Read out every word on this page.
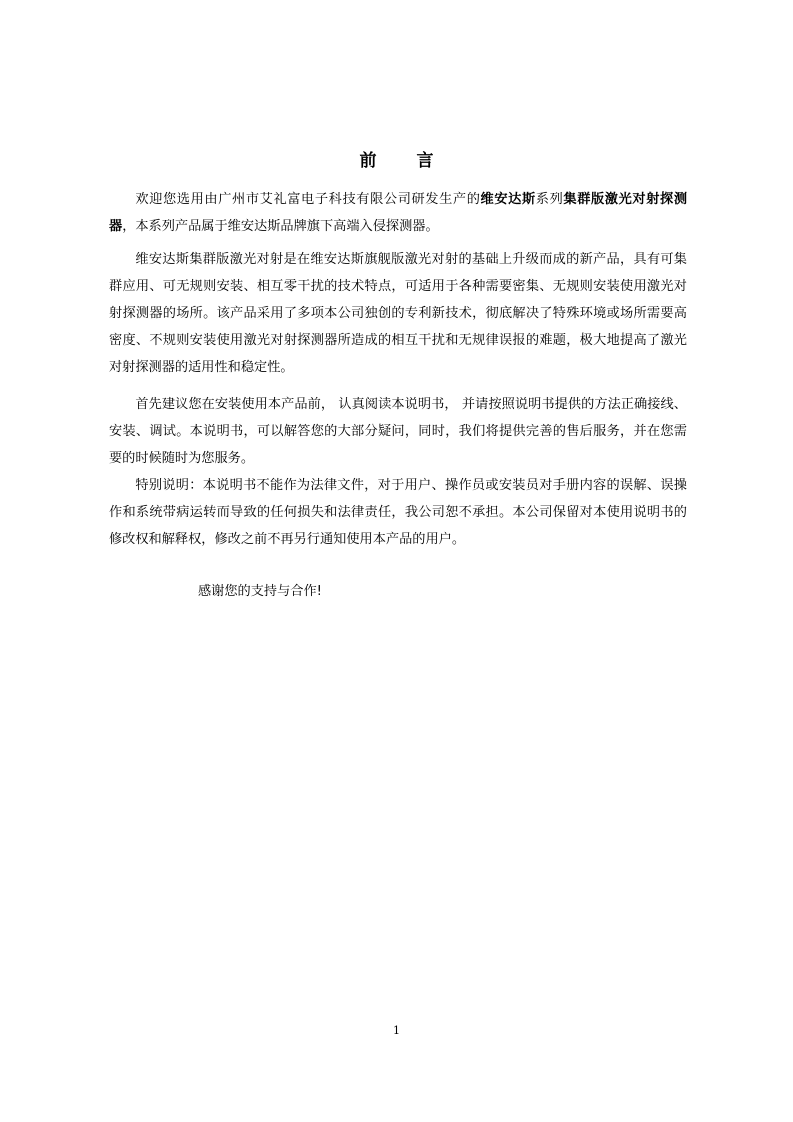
前 言

欢迎您选用由广州市艾礼富电子科技有限公司研发生产的维安达斯系列集群版激光对射探测器，本系列产品属于维安达斯品牌旗下高端入侵探测器。

维安达斯集群版激光对射是在维安达斯旗舰版激光对射的基础上升级而成的新产品，具有可集群应用、可无规则安装、相互零干扰的技术特点，可适用于各种需要密集、无规则安装使用激光对射探测器的场所。该产品采用了多项本公司独创的专利新技术，彻底解决了特殊环境或场所需要高密度、不规则安装使用激光对射探测器所造成的相互干扰和无规律误报的难题，极大地提高了激光对射探测器的适用性和稳定性。

首先建议您在安装使用本产品前， 认真阅读本说明书， 并请按照说明书提供的方法正确接线、安装、调试。本说明书，可以解答您的大部分疑问，同时，我们将提供完善的售后服务，并在您需要的时候随时为您服务。

特别说明：本说明书不能作为法律文件，对于用户、操作员或安装员对手册内容的误解、误操作和系统带病运转而导致的任何损失和法律责任，我公司恕不承担。本公司保留对本使用说明书的修改权和解释权，修改之前不再另行通知使用本产品的用户。

感谢您的支持与合作!
1
